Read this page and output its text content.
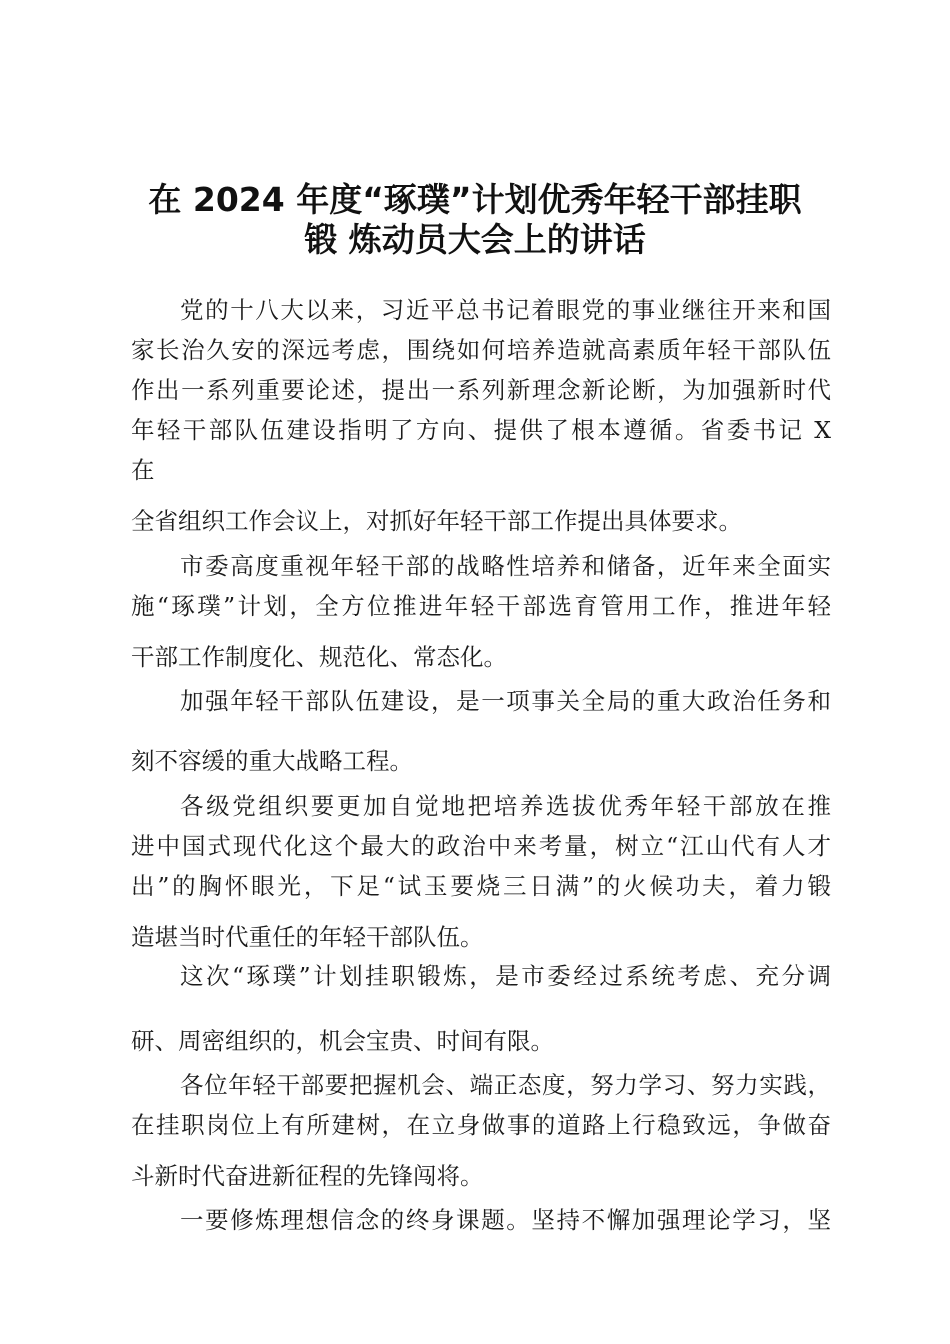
在 2024 年度“琢璞”计划优秀年轻干部挂职
锻 炼动员大会上的讲话

党的十八大以来，习近平总书记着眼党的事业继往开来和国

家长治久安的深远考虑，围绕如何培养造就高素质年轻干部队伍

作出一系列重要论述，提出一系列新理念新论断，为加强新时代

年轻干部队伍建设指明了方向、提供了根本遵循。省委书记 X

在

全省组织工作会议上，对抓好年轻干部工作提出具体要求。

市委高度重视年轻干部的战略性培养和储备，近年来全面实

施“琢璞”计划，全方位推进年轻干部选育管用工作，推进年轻

干部工作制度化、规范化、常态化。

加强年轻干部队伍建设，是一项事关全局的重大政治任务和

刻不容缓的重大战略工程。

各级党组织要更加自觉地把培养选拔优秀年轻干部放在推

进中国式现代化这个最大的政治中来考量，树立“江山代有人才

出”的胸怀眼光，下足“试玉要烧三日满”的火候功夫，着力锻

造堪当时代重任的年轻干部队伍。

这次“琢璞”计划挂职锻炼，是市委经过系统考虑、充分调

研、周密组织的，机会宝贵、时间有限。

各位年轻干部要把握机会、端正态度，努力学习、努力实践，

在挂职岗位上有所建树，在立身做事的道路上行稳致远，争做奋

斗新时代奋进新征程的先锋闯将。

一要修炼理想信念的终身课题。坚持不懈加强理论学习，坚
